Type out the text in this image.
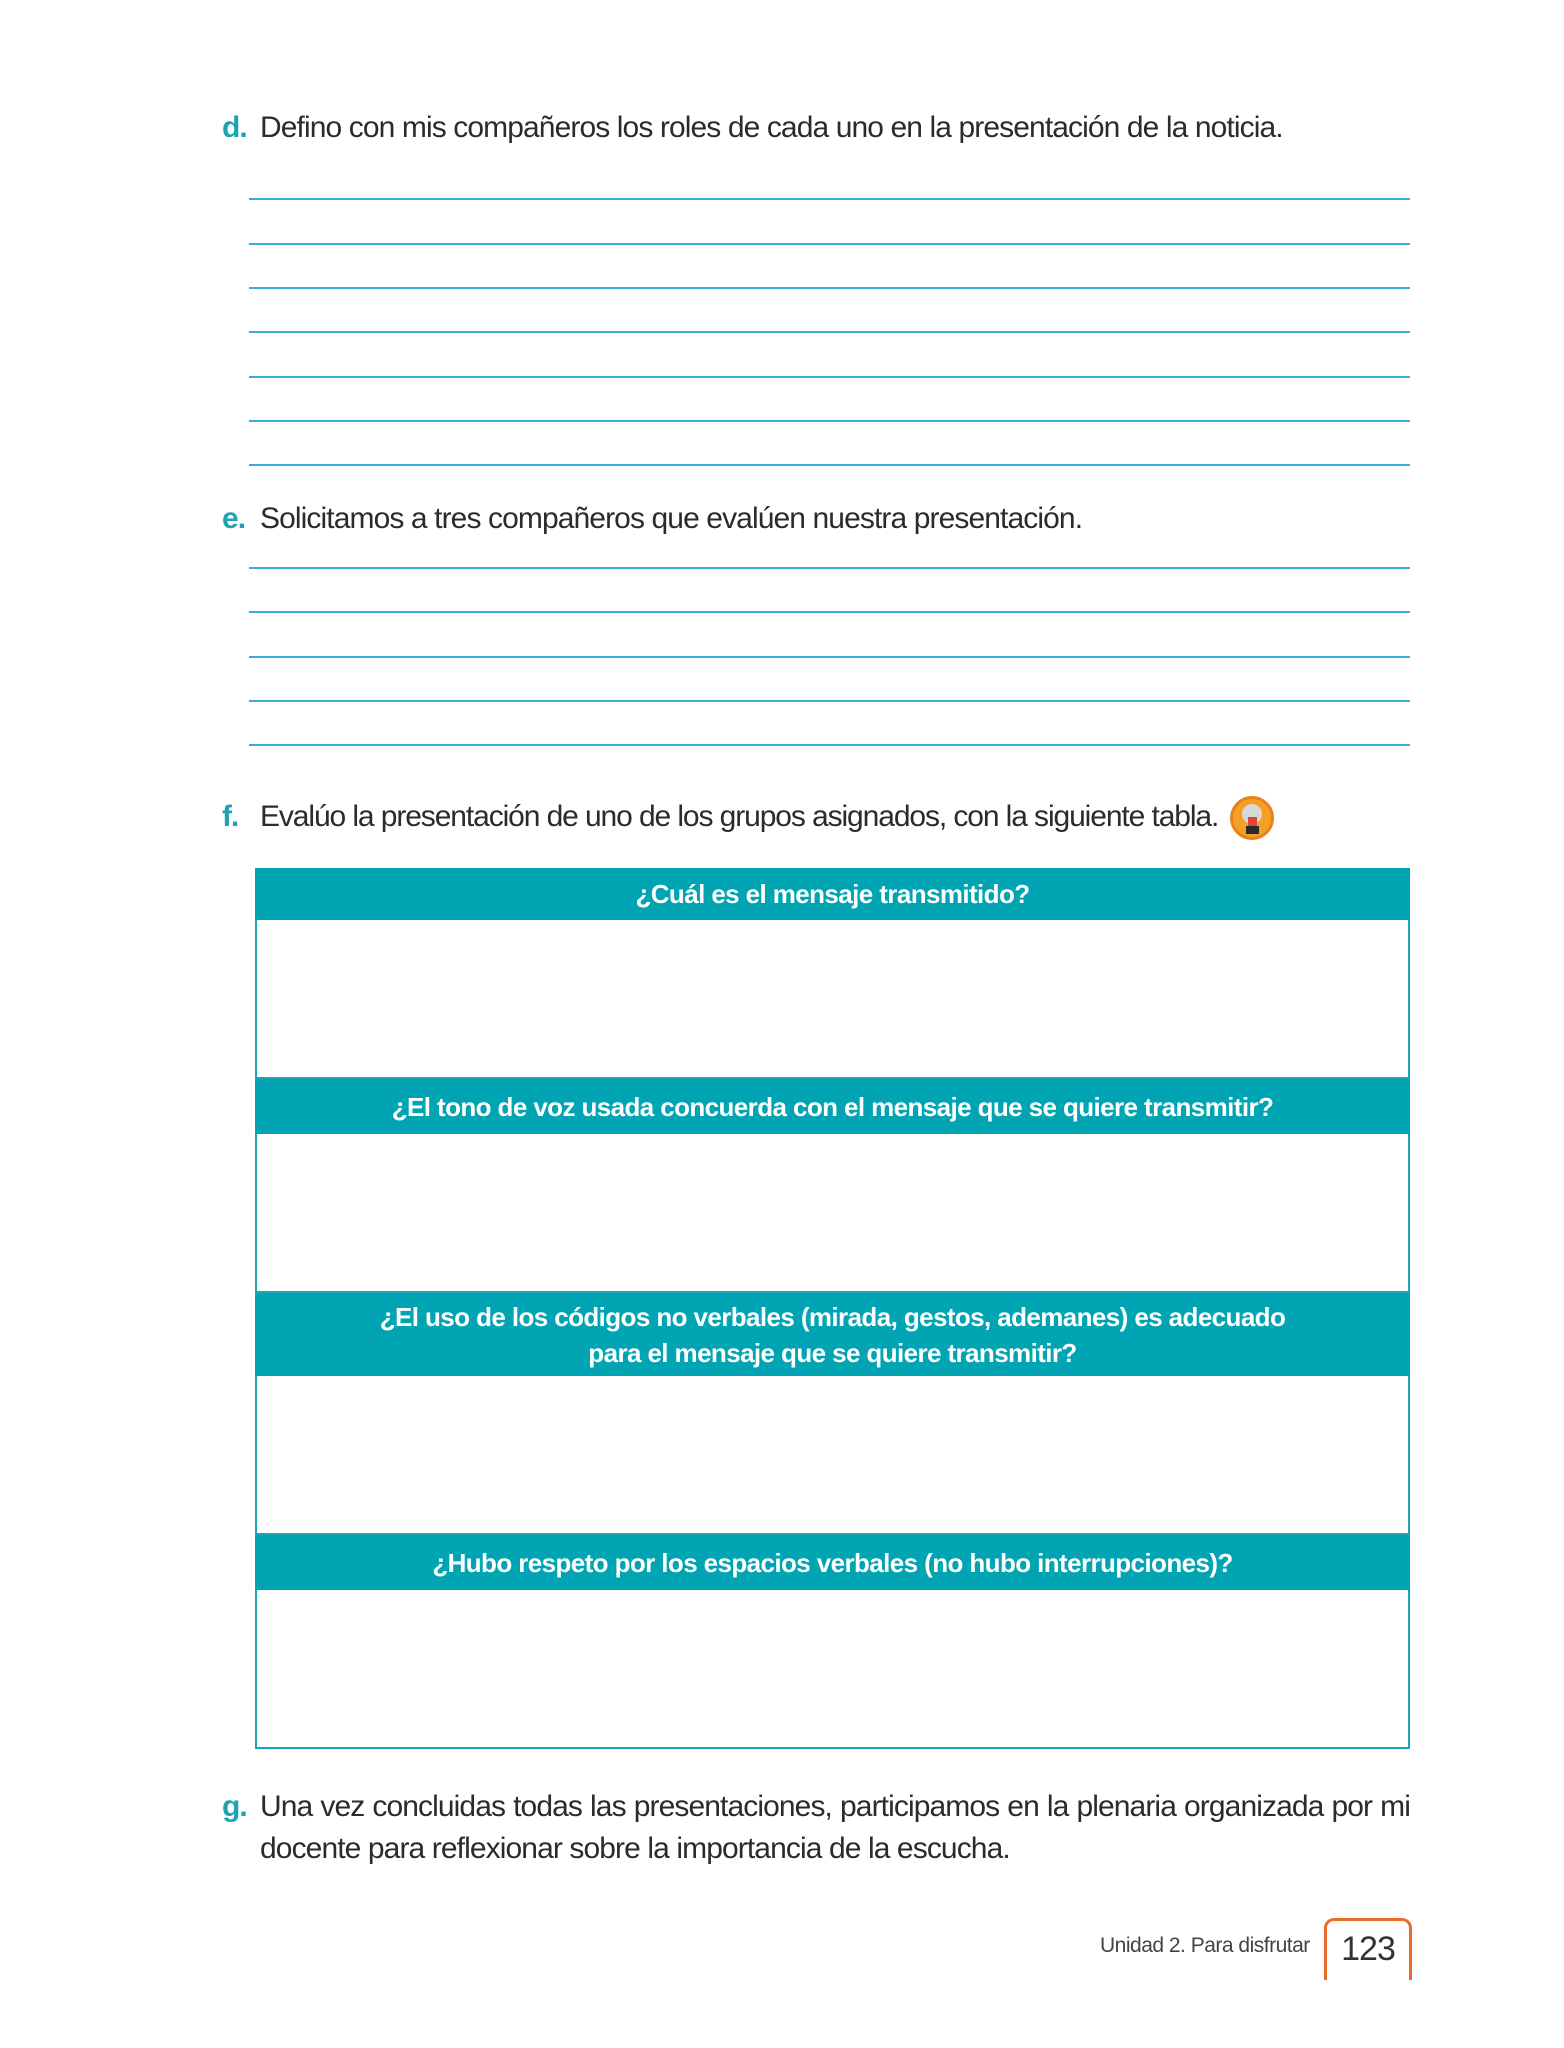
d. Defino con mis compañeros los roles de cada uno en la presentación de la noticia.
e. Solicitamos a tres compañeros que evalúen nuestra presentación.
f. Evalúo la presentación de uno de los grupos asignados, con la siguiente tabla.
¿Cuál es el mensaje transmitido?
¿El tono de voz usada concuerda con el mensaje que se quiere transmitir?
¿El uso de los códigos no verbales (mirada, gestos, ademanes) es adecuado para el mensaje que se quiere transmitir?
¿Hubo respeto por los espacios verbales (no hubo interrupciones)?
g. Una vez concluidas todas las presentaciones, participamos en la plenaria organizada por mi docente para reflexionar sobre la importancia de la escucha.
Unidad 2. Para disfrutar 123
